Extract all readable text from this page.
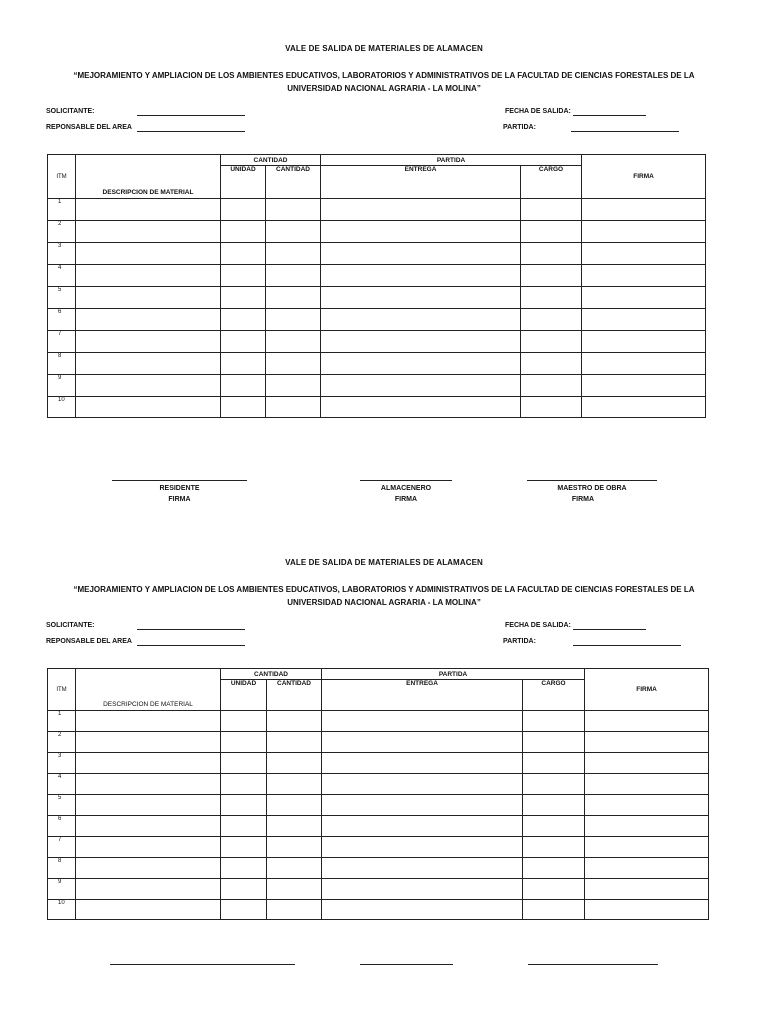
VALE DE SALIDA DE MATERIALES DE ALAMACEN
“MEJORAMIENTO Y AMPLIACION DE LOS AMBIENTES EDUCATIVOS, LABORATORIOS Y ADMINISTRATIVOS DE LA FACULTAD DE CIENCIAS FORESTALES DE LA UNIVERSIDAD NACIONAL AGRARIA - LA MOLINA”
SOLICITANTE:	FECHA DE SALIDA:
REPONSABLE DEL AREA	PARTIDA:
ITM	DESCRIPCION DE MATERIAL	CANTIDAD		PARTIDA		FIRMA
		UNIDAD	CANTIDAD	ENTREGA	CARGO	
1						
2						
3						
4						
5						
6						
7						
8						
9						
10						
RESIDENTE
FIRMA
ALMACENERO
FIRMA
MAESTRO DE OBRA
FIRMA
VALE DE SALIDA DE MATERIALES DE ALAMACEN
“MEJORAMIENTO Y AMPLIACION DE LOS AMBIENTES EDUCATIVOS, LABORATORIOS Y ADMINISTRATIVOS DE LA FACULTAD DE CIENCIAS FORESTALES DE LA UNIVERSIDAD NACIONAL AGRARIA - LA MOLINA”
SOLICITANTE:	FECHA DE SALIDA:
REPONSABLE DEL AREA	PARTIDA:
ITM	DESCRIPCION DE MATERIAL	CANTIDAD		PARTIDA		FIRMA
		UNIDAD	CANTIDAD	ENTREGA	CARGO	
1						
2						
3						
4						
5						
6						
7						
8						
9						
10						
